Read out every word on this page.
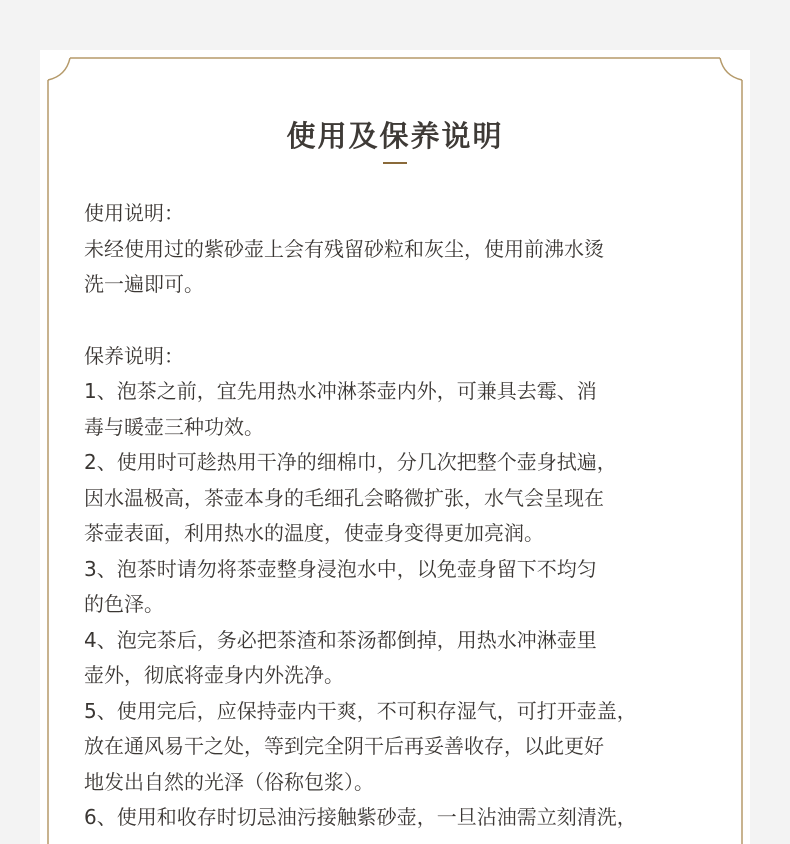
使用及保养说明

使用说明：

未经使用过的紫砂壶上会有残留砂粒和灰尘，使用前沸水烫

洗一遍即可。

保养说明：

1、泡茶之前，宜先用热水冲淋茶壶内外，可兼具去霉、消

毒与暖壶三种功效。

2、使用时可趁热用干净的细棉巾，分几次把整个壶身拭遍，

因水温极高，茶壶本身的毛细孔会略微扩张，水气会呈现在

茶壶表面，利用热水的温度，使壶身变得更加亮润。

3、泡茶时请勿将茶壶整身浸泡水中，以免壶身留下不均匀

的色泽。

4、泡完茶后，务必把茶渣和茶汤都倒掉，用热水冲淋壶里

壶外，彻底将壶身内外洗净。

5、使用完后，应保持壶内干爽，不可积存湿气，可打开壶盖，

放在通风易干之处，等到完全阴干后再妥善收存，以此更好

地发出自然的光泽（俗称包浆）。

6、使用和收存时切忌油污接触紫砂壶，一旦沾油需立刻清洗，
